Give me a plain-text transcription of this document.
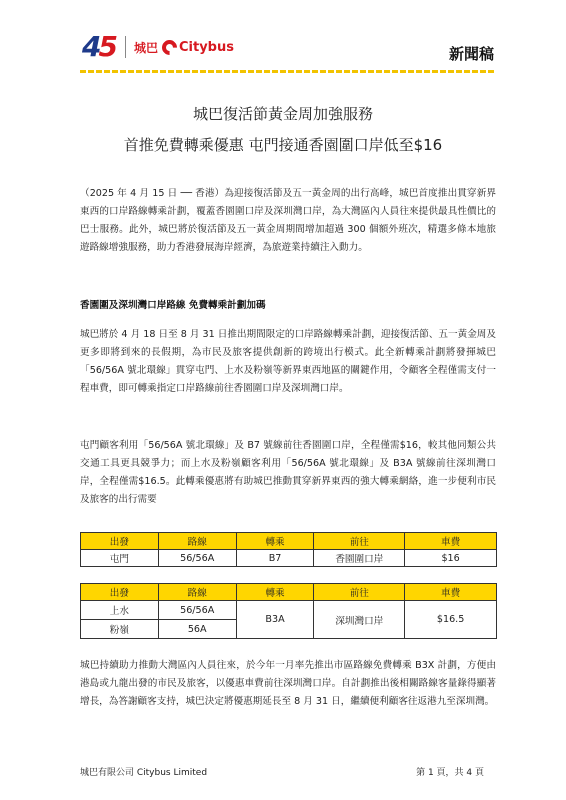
45 城巴 Citybus	新聞稿
城巴復活節黃金周加強服務
首推免費轉乘優惠 屯門接通香園圍口岸低至$16

（2025 年 4 月 15 日 ── 香港）為迎接復活節及五一黃金周的出行高峰，城巴首度推出貫穿新界東西的口岸路線轉乘計劃，覆蓋香園圍口岸及深圳灣口岸，為大灣區內人員往來提供最具性價比的巴士服務。此外，城巴將於復活節及五一黃金周期間增加超過 300 個額外班次，精選多條本地旅遊路線增強服務，助力香港發展海岸經濟，為旅遊業持續注入動力。

香園圍及深圳灣口岸路線 免費轉乘計劃加碼

城巴將於 4 月 18 日至 8 月 31 日推出期間限定的口岸路線轉乘計劃，迎接復活節、五一黃金周及更多即將到來的長假期，為市民及旅客提供創新的跨境出行模式。此全新轉乘計劃將發揮城巴「56/56A 號北環線」貫穿屯門、上水及粉嶺等新界東西地區的關鍵作用，令顧客全程僅需支付一程車費，即可轉乘指定口岸路線前往香園圍口岸及深圳灣口岸。

屯門顧客利用「56/56A 號北環線」及 B7 號線前往香園圍口岸，全程僅需$16，較其他同類公共交通工具更具競爭力；而上水及粉嶺顧客利用「56/56A 號北環線」及 B3A 號線前往深圳灣口岸，全程僅需$16.5。此轉乘優惠將有助城巴推動貫穿新界東西的強大轉乘網絡，進一步便利市民及旅客的出行需要

出發	路線	轉乘	前往	車費
屯門	56/56A	B7	香園圍口岸	$16
出發	路線	轉乘	前往	車費
上水	56/56A	B3A	深圳灣口岸	$16.5
粉嶺	56A			

城巴持續助力推動大灣區內人員往來，於今年一月率先推出市區路線免費轉乘 B3X 計劃，方便由港島或九龍出發的市民及旅客，以優惠車費前往深圳灣口岸。自計劃推出後相關路線客量錄得顯著增長，為答謝顧客支持，城巴決定將優惠期延長至 8 月 31 日，繼續便利顧客往返港九至深圳灣。

城巴有限公司 Citybus Limited	第 1 頁，共 4 頁
